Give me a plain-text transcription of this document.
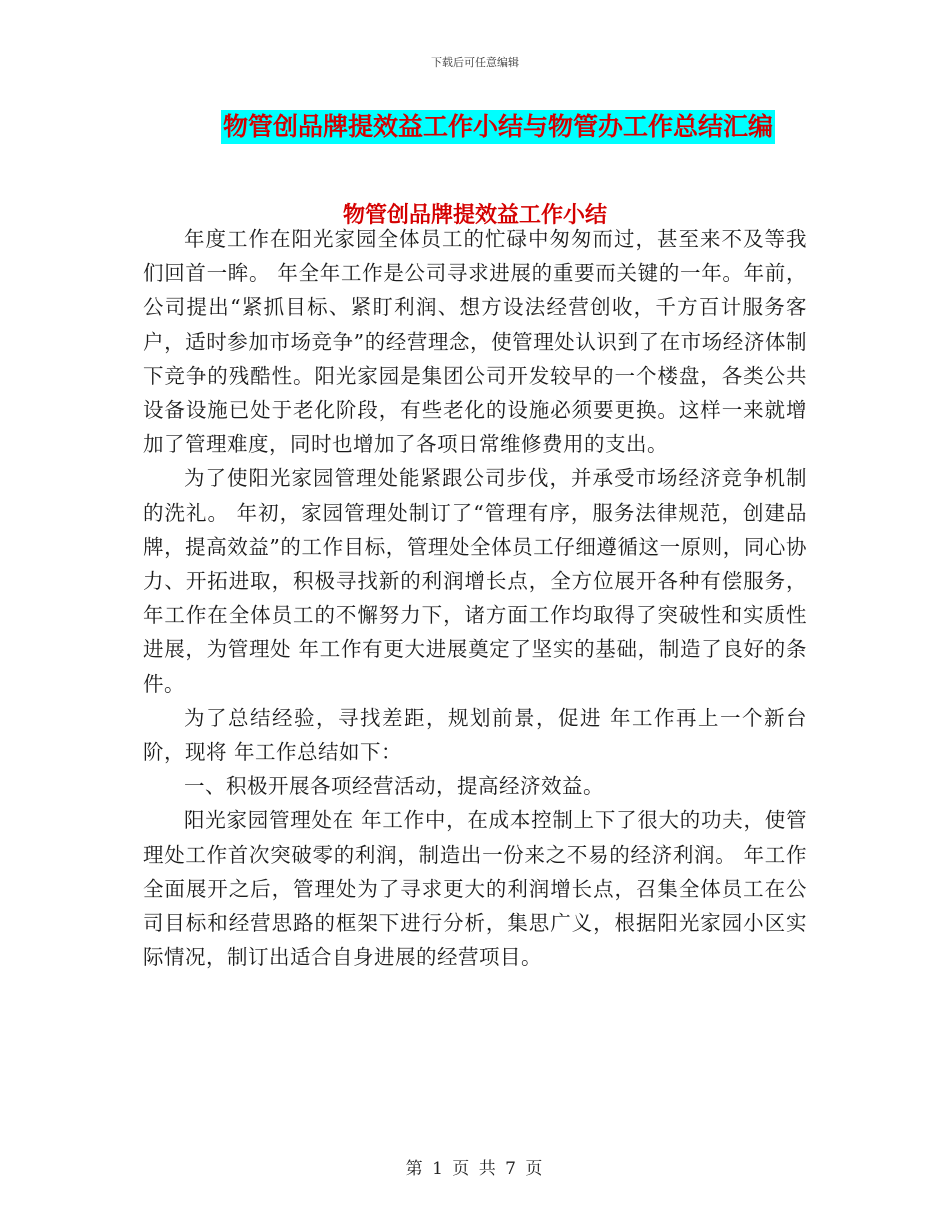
下载后可任意编辑
物管创品牌提效益工作小结与物管办工作总结汇编
物管创品牌提效益工作小结

年度工作在阳光家园全体员工的忙碌中匆匆而过，甚至来不及等我们回首一眸。 年全年工作是公司寻求进展的重要而关键的一年。年前，公司提出“紧抓目标、紧盯利润、想方设法经营创收，千方百计服务客户，适时参加市场竞争”的经营理念，使管理处认识到了在市场经济体制下竞争的残酷性。阳光家园是集团公司开发较早的一个楼盘，各类公共设备设施已处于老化阶段，有些老化的设施必须要更换。这样一来就增加了管理难度，同时也增加了各项日常维修费用的支出。

为了使阳光家园管理处能紧跟公司步伐，并承受市场经济竞争机制的洗礼。 年初，家园管理处制订了“管理有序，服务法律规范，创建品牌，提高效益”的工作目标，管理处全体员工仔细遵循这一原则，同心协力、开拓进取，积极寻找新的利润增长点，全方位展开各种有偿服务， 年工作在全体员工的不懈努力下，诸方面工作均取得了突破性和实质性进展，为管理处 年工作有更大进展奠定了坚实的基础，制造了良好的条件。

为了总结经验，寻找差距，规划前景，促进 年工作再上一个新台阶，现将 年工作总结如下：

一、积极开展各项经营活动，提高经济效益。

阳光家园管理处在 年工作中，在成本控制上下了很大的功夫，使管理处工作首次突破零的利润，制造出一份来之不易的经济利润。 年工作全面展开之后，管理处为了寻求更大的利润增长点，召集全体员工在公司目标和经营思路的框架下进行分析，集思广义，根据阳光家园小区实际情况，制订出适合自身进展的经营项目。

第 1 页 共 7 页
